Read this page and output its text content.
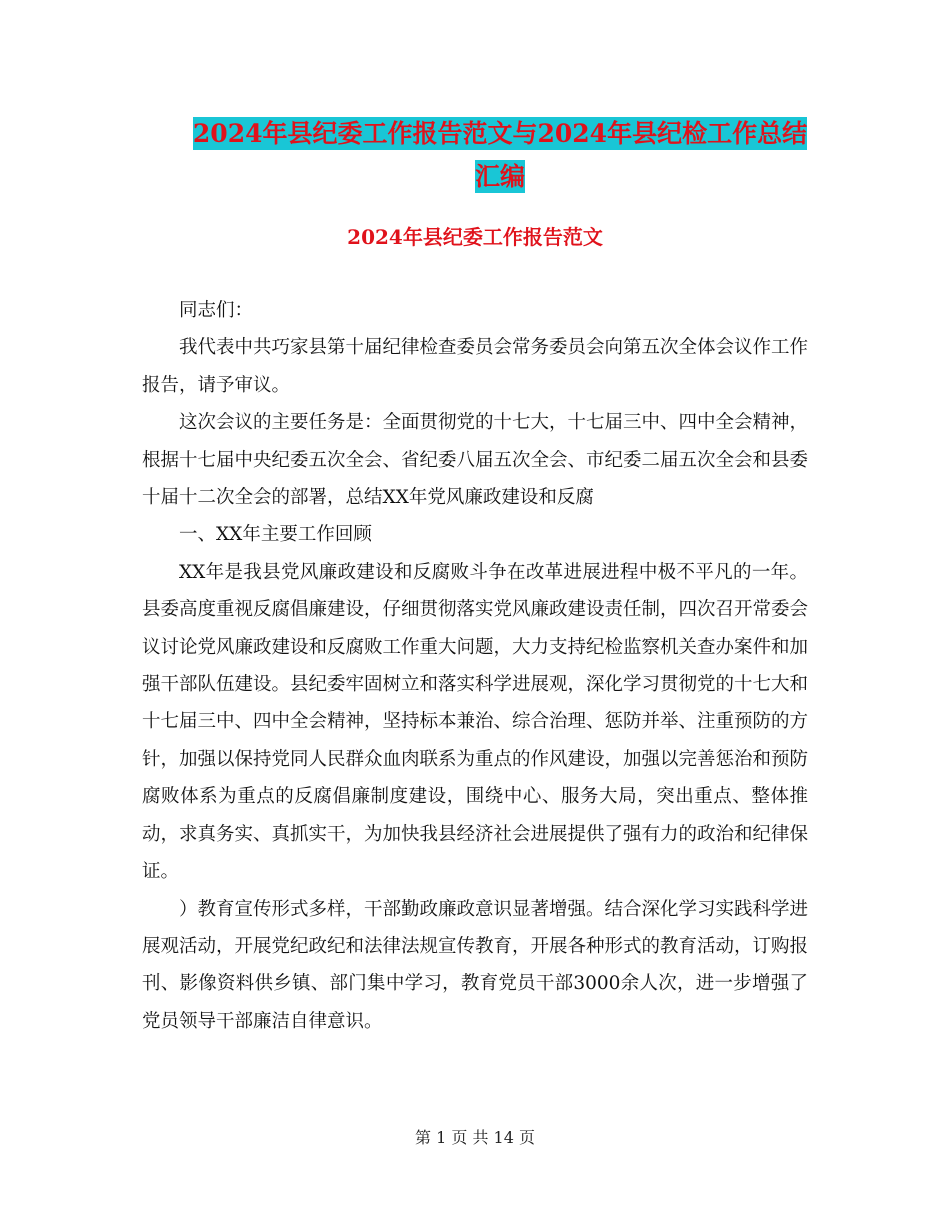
2024年县纪委工作报告范文与2024年县纪检工作总结
汇编
2024年县纪委工作报告范文

同志们：

我代表中共巧家县第十届纪律检查委员会常务委员会向第五次全体会议作工作报告，请予审议。

这次会议的主要任务是：全面贯彻党的十七大，十七届三中、四中全会精神，根据十七届中央纪委五次全会、省纪委八届五次全会、市纪委二届五次全会和县委十届十二次全会的部署，总结XX年党风廉政建设和反腐

一、XX年主要工作回顾

XX年是我县党风廉政建设和反腐败斗争在改革进展进程中极不平凡的一年。县委高度重视反腐倡廉建设，仔细贯彻落实党风廉政建设责任制，四次召开常委会议讨论党风廉政建设和反腐败工作重大问题，大力支持纪检监察机关查办案件和加强干部队伍建设。县纪委牢固树立和落实科学进展观，深化学习贯彻党的十七大和十七届三中、四中全会精神，坚持标本兼治、综合治理、惩防并举、注重预防的方针，加强以保持党同人民群众血肉联系为重点的作风建设，加强以完善惩治和预防腐败体系为重点的反腐倡廉制度建设，围绕中心、服务大局，突出重点、整体推动，求真务实、真抓实干，为加快我县经济社会进展提供了强有力的政治和纪律保证。

）教育宣传形式多样，干部勤政廉政意识显著增强。结合深化学习实践科学进展观活动，开展党纪政纪和法律法规宣传教育，开展各种形式的教育活动，订购报刊、影像资料供乡镇、部门集中学习，教育党员干部3000余人次，进一步增强了党员领导干部廉洁自律意识。

第 1 页 共 14 页
